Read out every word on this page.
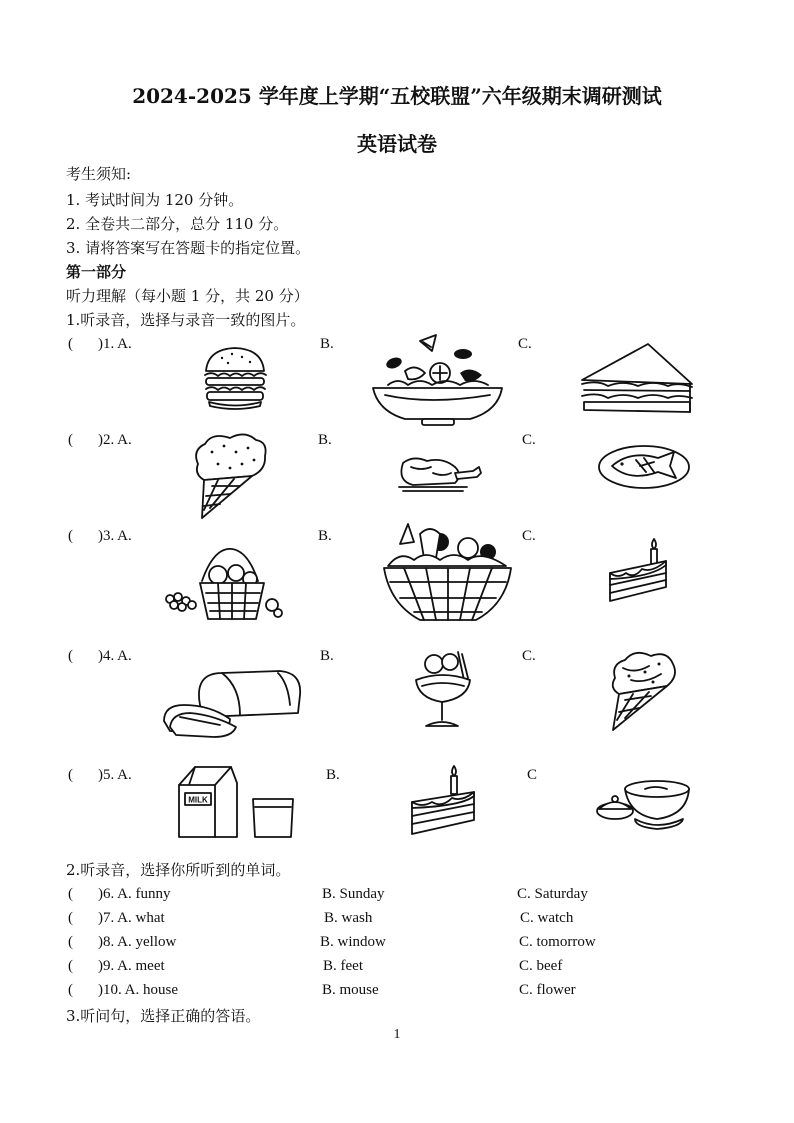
2024-2025 学年度上学期“五校联盟”六年级期末调研测试
英语试卷
考生须知:
1. 考试时间为 120 分钟。
2. 全卷共二部分，总分 110 分。
3. 请将答案写在答题卡的指定位置。
第一部分
听力理解（每小题 1 分，共 20 分）
1.听录音，选择与录音一致的图片。
( )1. A.	B.	C.
( )2. A.	B.	C.
( )3. A.	B.	C.
( )4. A.	B.	C.
( )5. A.	B.	C
MILK
2.听录音，选择你所听到的单词。
( )6. A. funny	B. Sunday	C. Saturday
( )7. A. what	B. wash	C. watch
( )8. A. yellow	B. window	C. tomorrow
( )9. A. meet	B. feet	C. beef
( )10. A. house	B. mouse	C. flower
3.听问句，选择正确的答语。
1
